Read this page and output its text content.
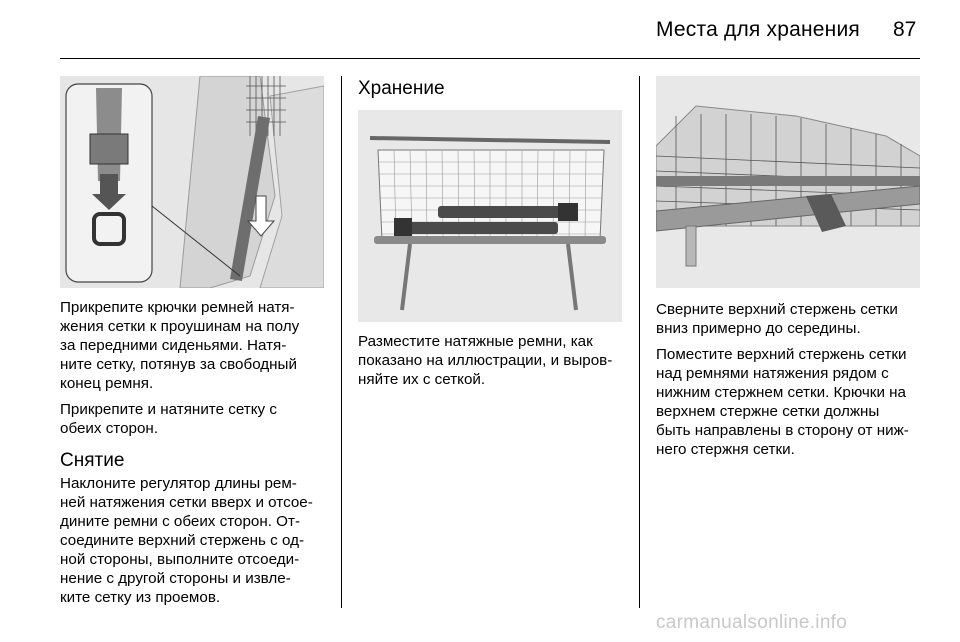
Места для хранения 87

Прикрепите крючки ремней натя-
жения сетки к проушинам на полу
за передними сиденьями. Натя-
ните сетку, потянув за свободный
конец ремня.

Прикрепите и натяните сетку с
обеих сторон.

Снятие

Наклоните регулятор длины рем-
ней натяжения сетки вверх и отсое-
дините ремни с обеих сторон. От-
соедините верхний стержень с од-
ной стороны, выполните отсоеди-
нение с другой стороны и извле-
ките сетку из проемов.

Хранение

Разместите натяжные ремни, как
показано на иллюстрации, и выров-
няйте их с сеткой.

Сверните верхний стержень сетки
вниз примерно до середины.

Поместите верхний стержень сетки
над ремнями натяжения рядом с
нижним стержнем сетки. Крючки на
верхнем стержне сетки должны
быть направлены в сторону от ниж-
него стержня сетки.

carmanualsonline.info
